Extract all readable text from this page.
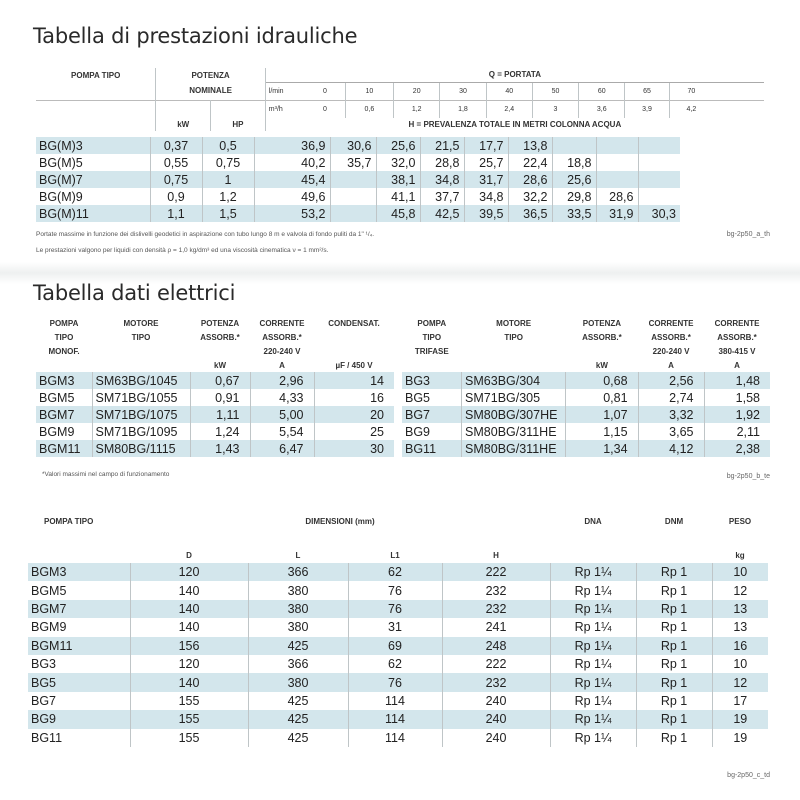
Tabella di prestazioni idrauliche
POMPA TIPO	POTENZA		Q = PORTATA										
	NOMINALE		l/min	0	10	20	30	40	50	60	65	70	
			m³/h	0	0,6	1,2	1,8	2,4	3	3,6	3,9	4,2	
	kW	HP	H = PREVALENZA TOTALE IN METRI COLONNA ACQUA										
BG(M)3	0,37	0,5	36,9	30,6	25,6	21,5	17,7	13,8			
BG(M)5	0,55	0,75	40,2	35,7	32,0	28,8	25,7	22,4	18,8		
BG(M)7	0,75	1	45,4		38,1	34,8	31,7	28,6	25,6		
BG(M)9	0,9	1,2	49,6		41,1	37,7	34,8	32,2	29,8	28,6	
BG(M)11	1,1	1,5	53,2		45,8	42,5	39,5	36,5	33,5	31,9	30,3
Portate massime in funzione dei dislivelli geodetici in aspirazione con tubo lungo 8 m e valvola di fondo puliti da 1" ¹/₄.
Le prestazioni valgono per liquidi con densità ρ = 1,0 kg/dm³ ed una viscosità cinematica ν = 1 mm²/s.
bg-2p50_a_th
Tabella dati elettrici
POMPA	MOTORE	POTENZA	CORRENTE	CONDENSAT.
TIPO	TIPO	ASSORB.*	ASSORB.*	
MONOF.			220-240 V	
		kW	A	µF / 450 V
BGM3	SM63BG/1045	0,67	2,96	14
BGM5	SM71BG/1055	0,91	4,33	16
BGM7	SM71BG/1075	1,11	5,00	20
BGM9	SM71BG/1095	1,24	5,54	25
BGM11	SM80BG/1115	1,43	6,47	30
POMPA	MOTORE	POTENZA	CORRENTE	CORRENTE
TIPO	TIPO	ASSORB.*	ASSORB.*	ASSORB.*
TRIFASE			220-240 V	380-415 V
		kW	A	A
BG3	SM63BG/304	0,68	2,56	1,48
BG5	SM71BG/305	0,81	2,74	1,58
BG7	SM80BG/307HE	1,07	3,32	1,92
BG9	SM80BG/311HE	1,15	3,65	2,11
BG11	SM80BG/311HE	1,34	4,12	2,38
*Valori massimi nel campo di funzionamento	bg-2p50_b_te
POMPA TIPO	DIMENSIONI (mm)				DNA	DNM	PESO
	D	L	L1	H			kg
BGM3	120	366	62	222	Rp 1¼	Rp 1	10
BGM5	140	380	76	232	Rp 1¼	Rp 1	12
BGM7	140	380	76	232	Rp 1¼	Rp 1	13
BGM9	140	380	31	241	Rp 1¼	Rp 1	13
BGM11	156	425	69	248	Rp 1¼	Rp 1	16
BG3	120	366	62	222	Rp 1¼	Rp 1	10
BG5	140	380	76	232	Rp 1¼	Rp 1	12
BG7	155	425	114	240	Rp 1¼	Rp 1	17
BG9	155	425	114	240	Rp 1¼	Rp 1	19
BG11	155	425	114	240	Rp 1¼	Rp 1	19
bg-2p50_c_td
